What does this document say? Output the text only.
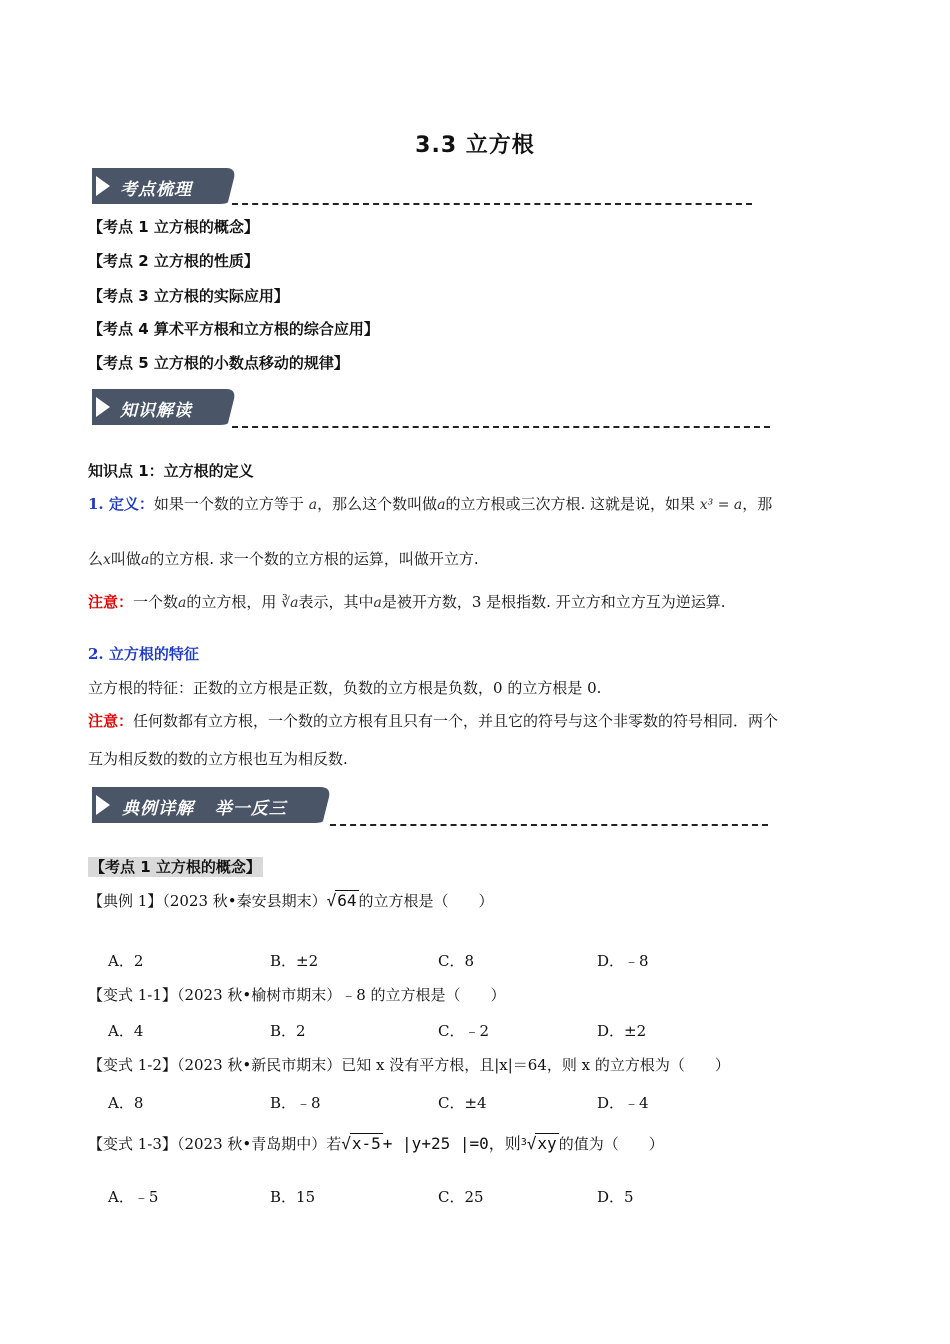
3.3 立方根
考点梳理
【考点 1 立方根的概念】
【考点 2 立方根的性质】
【考点 3 立方根的实际应用】
【考点 4 算术平方根和立方根的综合应用】
【考点 5 立方根的小数点移动的规律】
知识解读
知识点 1：立方根的定义
1. 定义：如果一个数的立方等于 a，那么这个数叫做a的立方根或三次方根. 这就是说，如果 x³ = a，那
么x叫做a的立方根. 求一个数的立方根的运算，叫做开立方.
注意：一个数a的立方根，用 ∛a表示，其中a是被开方数，3 是根指数. 开立方和立方互为逆运算.
2. 立方根的特征
立方根的特征：正数的立方根是正数，负数的立方根是负数，0 的立方根是 0.
注意：任何数都有立方根，一个数的立方根有且只有一个，并且它的符号与这个非零数的符号相同．两个
互为相反数的数的立方根也互为相反数.
典例详解   举一反三
【考点 1 立方根的概念】
【典例 1】（2023 秋•秦安县期末）√64 的立方根是（　　）
A．2	B．±2	C．8	D．﹣8
【变式 1-1】（2023 秋•榆树市期末）﹣8 的立方根是（　　）
A．4	B．2	C．﹣2	D．±2
【变式 1-2】（2023 秋•新民市期末）已知 x 没有平方根，且|x|＝64，则 x 的立方根为（　　）
A．8	B．﹣8	C．±4	D．﹣4
【变式 1-3】（2023 秋•青岛期中）若√x-5+ |y+25 |=0，则$^3$√xy 的值为（　　）
A．﹣5	B．15	C．25	D．5
